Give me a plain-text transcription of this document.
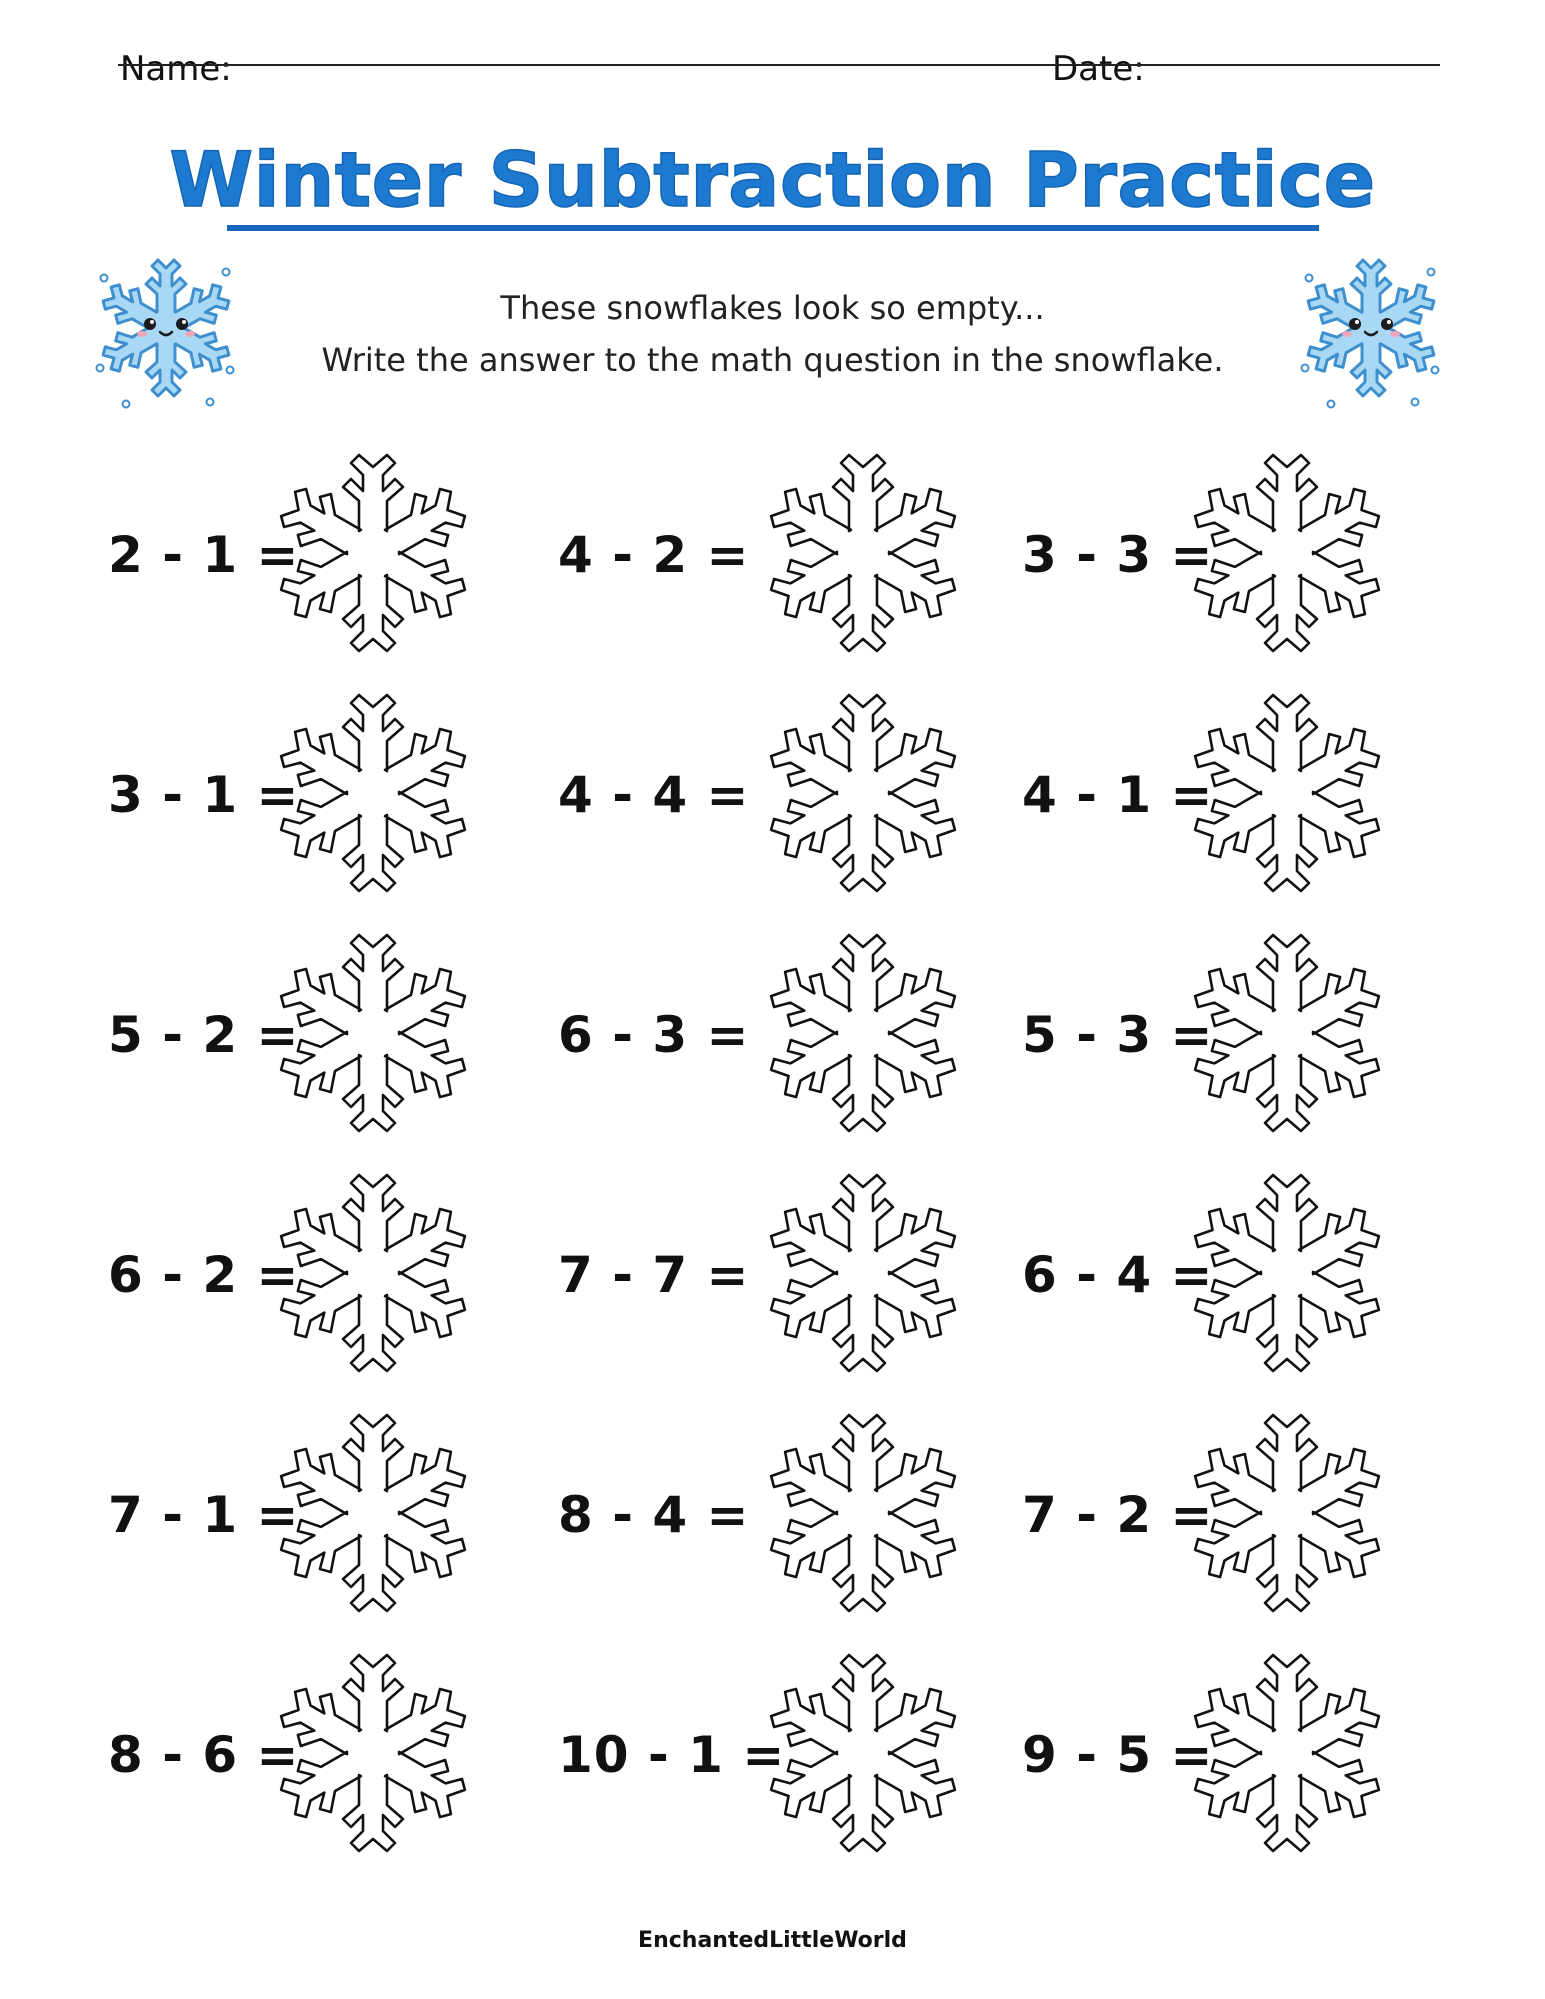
Name:	Date:
Winter Subtraction Practice
These snowflakes look so empty...
Write the answer to the math question in the snowflake.
2 - 1 =	4 - 2 =	3 - 3 =
3 - 1 =	4 - 4 =	4 - 1 =
5 - 2 =	6 - 3 =	5 - 3 =
6 - 2 =	7 - 7 =	6 - 4 =
7 - 1 =	8 - 4 =	7 - 2 =
8 - 6 =	10 - 1 =	9 - 5 =
EnchantedLittleWorld
